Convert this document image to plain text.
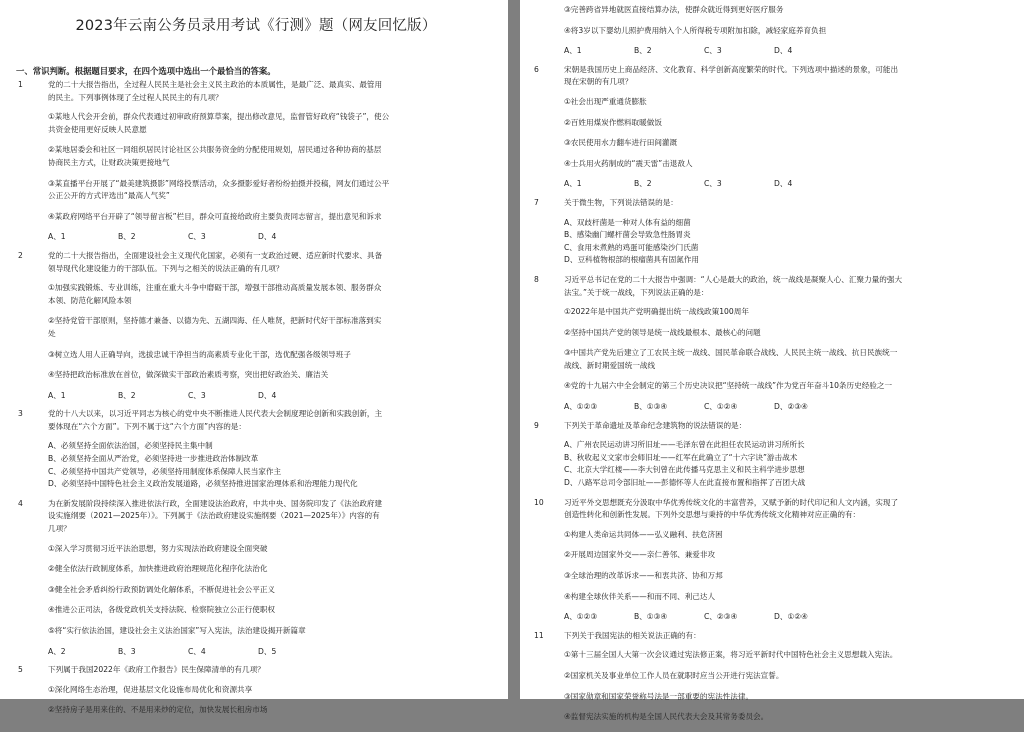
2023年云南公务员录用考试《行测》题（网友回忆版）
一、常识判断。根据题目要求，在四个选项中选出一个最恰当的答案。
1	党的二十大报告指出，全过程人民民主是社会主义民主政治的本质属性，是最广泛、最真实、最管用
的民主。下列事例体现了全过程人民民主的有几项？
①某地人代会开会前，群众代表通过初审政府预算草案，提出修改意见，监督管好政府“钱袋子”，使公
共资金使用更好反映人民意愿
②某地居委会和社区一同组织居民讨论社区公共服务资金的分配使用规划，居民通过各种协商的基层
协商民主方式，让财政决策更接地气
③某直播平台开展了“最美建筑摄影”网络投票活动，众多摄影爱好者纷纷拍摄并投稿，网友们通过公平
公正公开的方式评选出“最高人气奖”
④某政府网络平台开辟了“领导留言板”栏目，群众可直接给政府主要负责同志留言，提出意见和诉求
A、1	B、2	C、3	D、4
2	党的二十大报告指出，全面建设社会主义现代化国家，必须有一支政治过硬、适应新时代要求、具备
领导现代化建设能力的干部队伍。下列与之相关的说法正确的有几项？
①加强实践锻炼、专业训练，注重在重大斗争中磨砺干部，增强干部推动高质量发展本领、服务群众
本领、防范化解风险本领
②坚持党管干部原则，坚持德才兼备、以德为先、五湖四海、任人唯贤，把新时代好干部标准落到实
处
③树立选人用人正确导向，选拔忠诚干净担当的高素质专业化干部，选优配强各级领导班子
④坚持把政治标准放在首位，做深做实干部政治素质考察，突出把好政治关、廉洁关
A、1	B、2	C、3	D、4
3	党的十八大以来，以习近平同志为核心的党中央不断推进人民代表大会制度理论创新和实践创新，主
要体现在“六个方面”。下列不属于这“六个方面”内容的是：
A、必须坚持全面依法治国，必须坚持民主集中制
B、必须坚持全面从严治党，必须坚持进一步推进政治体制改革
C、必须坚持中国共产党领导，必须坚持用制度体系保障人民当家作主
D、必须坚持中国特色社会主义政治发展道路，必须坚持推进国家治理体系和治理能力现代化
4	为在新发展阶段持续深入推进依法行政，全面建设法治政府，中共中央、国务院印发了《法治政府建
设实施纲要（2021—2025年）》。下列属于《法治政府建设实施纲要（2021—2025年）》内容的有
几项？
①深入学习贯彻习近平法治思想，努力实现法治政府建设全面突破
②健全依法行政制度体系，加快推进政府治理规范化程序化法治化
③健全社会矛盾纠纷行政预防调处化解体系，不断促进社会公平正义
④推进公正司法，各级党政机关支持法院、检察院独立公正行使职权
⑤将“实行依法治国，建设社会主义法治国家”写入宪法，法治建设揭开新篇章
A、2	B、3	C、4	D、5
5	下列属于我国2022年《政府工作报告》民生保障清单的有几项？
①深化网络生态治理，促进基层文化设施布局优化和资源共享
②坚持房子是用来住的、不是用来炒的定位，加快发展长租房市场
③完善跨省异地就医直接结算办法，使群众就近得到更好医疗服务
④将3岁以下婴幼儿照护费用纳入个人所得税专项附加扣除，减轻家庭养育负担
A、1	B、2	C、3	D、4
6	宋朝是我国历史上商品经济、文化教育、科学创新高度繁荣的时代。下列选项中描述的景象，可能出
现在宋朝的有几项？
①社会出现严重通货膨胀
②百姓用煤炭作燃料取暖做饭
③农民使用水力翻车进行田间灌溉
④士兵用火药制成的“震天雷”击退敌人
A、1	B、2	C、3	D、4
7	关于微生物，下列说法错误的是：
A、双歧杆菌是一种对人体有益的细菌
B、感染幽门螺杆菌会导致急性肠胃炎
C、食用未煮熟的鸡蛋可能感染沙门氏菌
D、豆科植物根部的根瘤菌具有固氮作用
8	习近平总书记在党的二十大报告中强调：“人心是最大的政治，统一战线是凝聚人心、汇聚力量的强大
法宝。”关于统一战线，下列说法正确的是：
①2022年是中国共产党明确提出统一战线政策100周年
②坚持中国共产党的领导是统一战线最根本、最核心的问题
③中国共产党先后建立了工农民主统一战线、国民革命联合战线、人民民主统一战线、抗日民族统一
战线、新时期爱国统一战线
④党的十九届六中全会制定的第三个历史决议把“坚持统一战线”作为党百年奋斗10条历史经验之一
A、①②③	B、①③④	C、①②④	D、②③④
9	下列关于革命遗址及革命纪念建筑物的说法错误的是：
A、广州农民运动讲习所旧址——毛泽东曾在此担任农民运动讲习所所长
B、秋收起义文家市会师旧址——红军在此确立了“十六字诀”游击战术
C、北京大学红楼——李大钊曾在此传播马克思主义和民主科学进步思想
D、八路军总司令部旧址——彭德怀等人在此直接布置和指挥了百团大战
10	习近平外交思想既充分汲取中华优秀传统文化的丰富营养，又赋予新的时代印记和人文内涵，实现了
创造性转化和创新性发展。下列外交思想与秉持的中华优秀传统文化精神对应正确的有：
①构建人类命运共同体——弘义融利、扶危济困
②开展周边国家外交——亲仁善邻、兼爱非攻
③全球治理的改革诉求——和衷共济、协和万邦
④构建全球伙伴关系——和而不同、利己达人
A、①②③	B、①③④	C、②③④	D、①②④
11	下列关于我国宪法的相关说法正确的有：
①第十三届全国人大第一次会议通过宪法修正案，将习近平新时代中国特色社会主义思想载入宪法。
②国家机关及事业单位工作人员在就职时应当公开进行宪法宣誓。
③国家勋章和国家荣誉称号法是一部重要的宪法性法律。
④监督宪法实施的机构是全国人民代表大会及其常务委员会。
